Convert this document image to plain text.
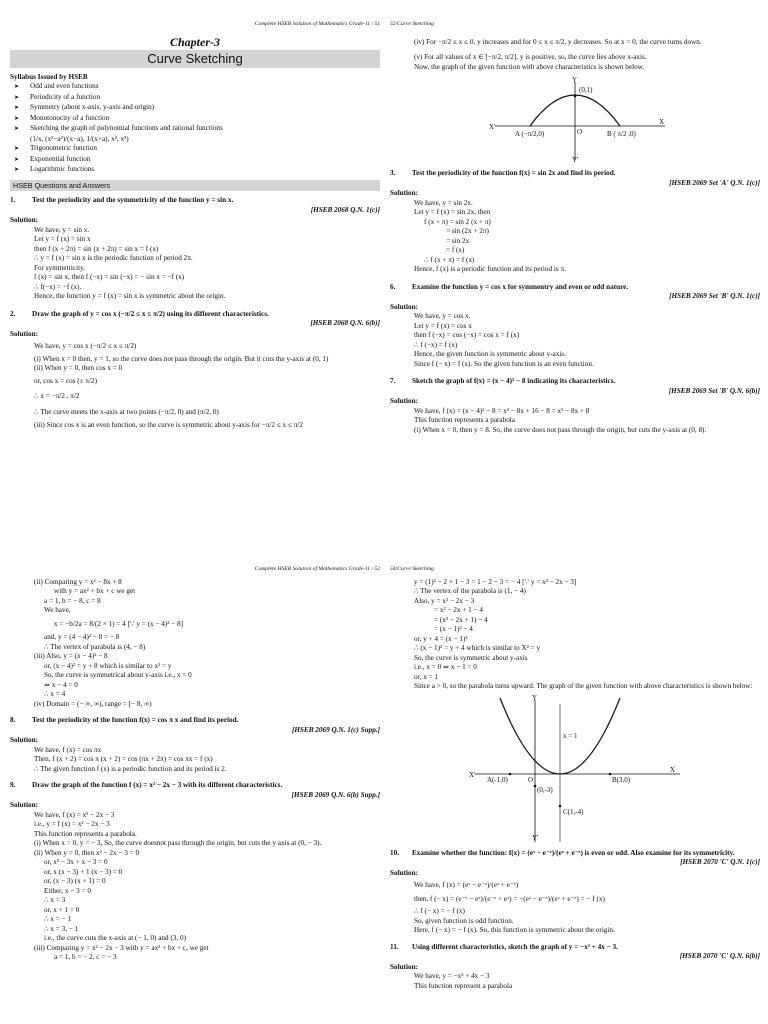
Complete HSEB Solution of Mathematics Grade-11 / 51
Chapter-3
Curve Sketching
Syllabus Issued by HSEB
➤ Odd and even functions
➤ Periodicity of a function
➤ Symmetry (about x-axis, y-axis and origin)
➤ Monotonocity of a function
➤ Sketching the graph of polynomial functions and rational functions

(1/x, (x²−a²)/(x−a), 1/(x+a), x², x³)

➤ Trigonometric function
➤ Exponential function
➤ Logarithmic functions
HSEB Questions and Answers
1.	Test the periodicity and the symmetricity of the function y = sin x.
[HSEB 2068 Q.N. 1(c)]
Solution:
We have, y = sin x.
Let y = f (x) = sin x
then f (x + 2π) = sin (x + 2π) = sin x = f (x)
∴ y = f (x) = sin x is the periodic function of period 2π.
For symmetricity,
f (x) = sin x, then f (−x) = sin (−x) = − sin x = −f (x)
∴ f(−x) = −f (x).
Hence, the function y = f (x) = sin x is symmetric about the origin.
2.	Draw the graph of y = cos x (−π/2 ≤ x ≤ π/2) using its different characteristics.
[HSEB 2068 Q.N. 6(b)]
Solution:
We have, y = cos x (−π/2 ≤ x ≤ π/2)
(i) When x = 0 then, y = 1, so the curve does not pass through the origin. But it cuts the y-axis at (0, 1)
(ii) When y = 0, then cos x = 0
or, cos x = cos (± π/2)
∴ x = −π/2 , π/2
∴ The curve meets the x-axis at two points (−π/2, 0) and (π/2, 0)
(iii) Since cos x is an even function, so the curve is symmetric about y-axis for −π/2 ≤ x ≤ π/2
52/Curve Sketching
(iv) For −π/2 ≤ x ≤ 0, y increases and for 0 ≤ x ≤ π/2, y decreases. So at x = 0, the curve turns down.
(v) For all values of x ∈ [−π/2, π/2], y is positive, so, the curve lies above x-axis.
Now, the graph of the given function with above characteristics is shown below.
Y
(0,1)
X
X'
O
A (−π/2,0)	B ( π/2 ,0)
Y'
3.	Test the periodicity of the function f(x) = sin 2x and find its period.
[HSEB 2069 Set 'A' Q.N. 1(c)]
Solution:
We have, y = sin 2x.
Let y = f (x) = sin 2x, then
f (x + π) = sin 2 (x + π)
= sin (2x + 2π)
= sin 2x
= f (x)
∴ f (x + π) = f (x)
Hence, f (x) is a periodic function and its period is π.
6.	Examine the function y = cos x for symmentry and even or odd nature.
[HSEB 2069 Set 'B' Q.N. 1(c)]
Solution:
We have, y = cos x.
Let y = f (x) = cos x
then f (−x) = cos (−x) = cos x = f (x)
∴ f (−x) = f (x)
Hence, the given function is symmetric about y-axis.
Since f (− x) = f (x). So the given function is an even function.
7.	Sketch the graph of f(x) = (x − 4)² − 8 indicating its characteristics.
[HSEB 2069 Set 'B' Q.N. 6(b)]
Solution:
We have, f (x) = (x − 4)² − 8 = x² − 8x + 16 − 8 = x² − 8x + 8
This function represents a parabola
(i) When x = 0, then y = 8. So, the curve does not pass through the origin, but cuts the y-axis at (0, 8).
Complete HSEB Solution of Mathematics Grade-11 / 52
(ii) Comparing y = x² − 8x + 8
with y = ax² + bx + c we get
a = 1, b = − 8, c = 8
We have,
x = −b/2a = 8/(2 × 1) = 4 [∵ y = (x − 4)² − 8]
and, y = (4 − 4)² − 8 = − 8
∴ The vertex of parabola is (4, − 8)
(iii) Also, y = (x − 4)² − 8
or, (x − 4)² = y + 8 which is similar to x² = y
So, the curve is symmetrical about y-axis i.e., x = 0
⇒ x − 4 = 0
∴ x = 4
(iv) Domain = (− ∞, ∞), range = [− 8, ∞)
8.	Test the periodicity of the function f(x) = cos π x and find its period.
[HSEB 2069 Q.N. 1(c) Supp.]
Solution:
We have, f (x) = cos πx
Then, f (x + 2) = cos π (x + 2) = cos (πx + 2π) = cos πx = f (x)
∴ The given function f (x) is a periodic function and its period is 2.
9.	Draw the graph of the function f (x) = x² − 2x − 3 with its different characteristics.
[HSEB 2069 Q.N. 6(b) Supp.]
Solution:
We have, f (x) = x² − 2x − 3
i.e., y = f (x) = x² − 2x − 3
This function represents a parabola.
(i) When x = 0, y = − 3, So, the curve doesnot pass through the origin, but cuts the y axis at (0, − 3).
(ii) When y = 0, then x² − 2x − 3 = 0
or, x² − 3x + x − 3 = 0
or, x (x − 3) + 1 (x − 3) = 0
or, (x − 3) (x + 1) = 0
Either, x − 3 = 0
∴ x = 3
or, x + 1 = 0
∴ x = − 1
∴ x = 3, − 1
i.e., the curve cuts the x-axis at (− 1, 0) and (3, 0)
(iii) Comparing y = x² − 2x − 3 with y = ax² + bx + c, we get
a = 1, b = − 2, c = − 3
54/Curve Sketching
y = (1)² − 2 × 1 − 3 = 1 − 2 − 3 = − 4 [∵ y = x² − 2x − 3]
∴ The vertex of the parabola is (1, − 4)
Also, y = x² − 2x − 3
= x² − 2x + 1 − 4
= (x² − 2x + 1) − 4
= (x − 1)² − 4
or, y + 4 = (x − 1)²
∴ (x − 1)² = y + 4 which is similar to X² = y
So, the curve is symmetric about y-axis
i.e., x = 0 ⇒ x − 1 = 0
or, x = 1
Since a > 0, so the parabola turns upward. The graph of the given function with above characteristics is shown below:
Y
x = 1
X
X'
O
A(-1,0)	B(3,0)
(0,-3)
C(1,-4)
Y'
10.	Examine whether the function: f(x) = (eˣ − e⁻ˣ)/(eˣ + e⁻ˣ) is even or odd. Also examine for its symmetricity.
[HSEB 2070 'C' Q.N. 1(c)]
Solution:
We have, f (x) = (eˣ − e⁻ˣ)/(eˣ + e⁻ˣ)
then, f (− x) = (e⁻ˣ − eˣ)/(e⁻ˣ + eˣ) = −(eˣ − e⁻ˣ)/(eˣ + e⁻ˣ) = − f (x)
∴ f (− x) = − f (x)
So, given function is odd function.
Here, f (− x) = − f (x). So, this function is symmetric about the origin.
11.	Using different characteristics, sketch the graph of y = −x² + 4x − 3.
[HSEB 2070 'C' Q.N. 6(b)]
Solution:
We have, y = −x² + 4x − 3
This function represent a parabola
